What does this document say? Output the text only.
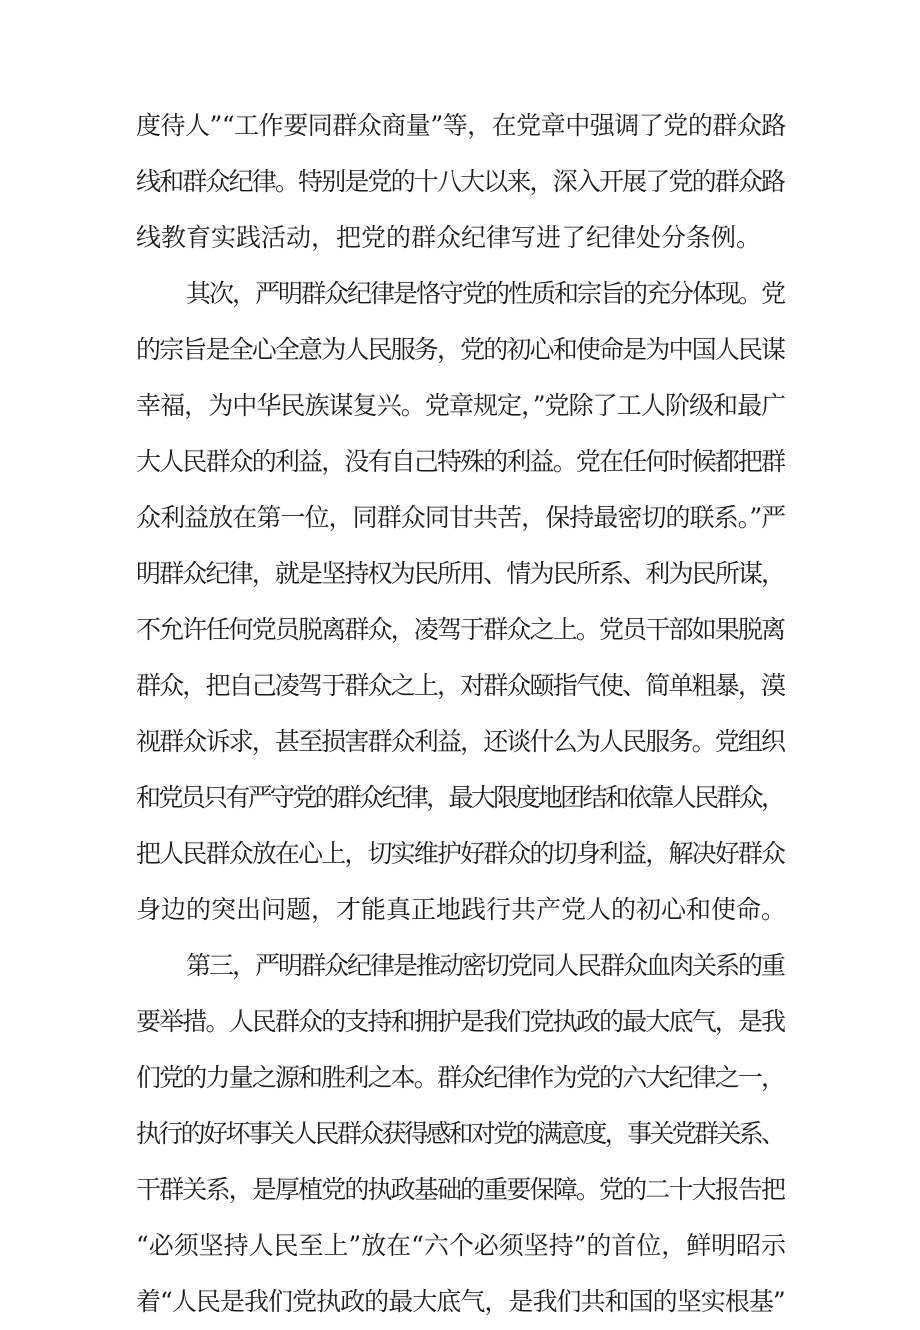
度待人”“工作要同群众商量”等，在党章中强调了党的群众路
线和群众纪律。特别是党的十八大以来，深入开展了党的群众路
线教育实践活动，把党的群众纪律写进了纪律处分条例。
其次，严明群众纪律是恪守党的性质和宗旨的充分体现。党
的宗旨是全心全意为人民服务，党的初心和使命是为中国人民谋
幸福，为中华民族谋复兴。党章规定，”党除了工人阶级和最广
大人民群众的利益，没有自己特殊的利益。党在任何时候都把群
众利益放在第一位，同群众同甘共苦，保持最密切的联系。”严
明群众纪律，就是坚持权为民所用、情为民所系、利为民所谋，
不允许任何党员脱离群众，凌驾于群众之上。党员干部如果脱离
群众，把自己凌驾于群众之上，对群众颐指气使、简单粗暴，漠
视群众诉求，甚至损害群众利益，还谈什么为人民服务。党组织
和党员只有严守党的群众纪律，最大限度地团结和依靠人民群众，
把人民群众放在心上，切实维护好群众的切身利益，解决好群众
身边的突出问题，才能真正地践行共产党人的初心和使命。
第三，严明群众纪律是推动密切党同人民群众血肉关系的重
要举措。人民群众的支持和拥护是我们党执政的最大底气，是我
们党的力量之源和胜利之本。群众纪律作为党的六大纪律之一，
执行的好坏事关人民群众获得感和对党的满意度，事关党群关系、
干群关系，是厚植党的执政基础的重要保障。党的二十大报告把
“必须坚持人民至上”放在“六个必须坚持”的首位，鲜明昭示
着“人民是我们党执政的最大底气，是我们共和国的坚实根基”
